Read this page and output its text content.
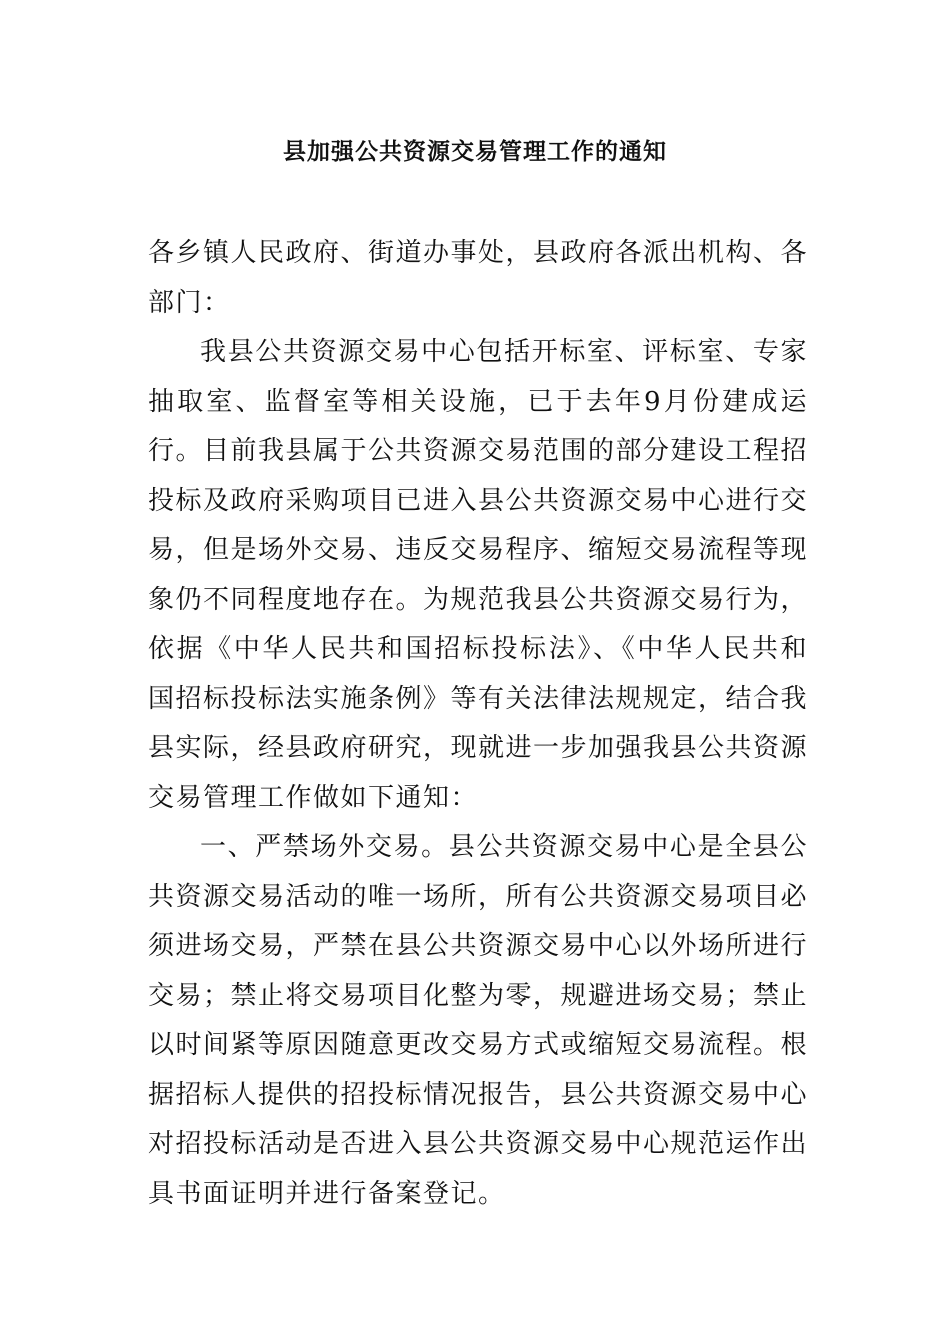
县加强公共资源交易管理工作的通知

各乡镇人民政府、街道办事处，县政府各派出机构、各部门：

我县公共资源交易中心包括开标室、评标室、专家抽取室、监督室等相关设施，已于去年9月份建成运行。目前我县属于公共资源交易范围的部分建设工程招投标及政府采购项目已进入县公共资源交易中心进行交易，但是场外交易、违反交易程序、缩短交易流程等现象仍不同程度地存在。为规范我县公共资源交易行为，依据《中华人民共和国招标投标法》、《中华人民共和国招标投标法实施条例》等有关法律法规规定，结合我县实际，经县政府研究，现就进一步加强我县公共资源交易管理工作做如下通知：

一、严禁场外交易。县公共资源交易中心是全县公共资源交易活动的唯一场所，所有公共资源交易项目必须进场交易，严禁在县公共资源交易中心以外场所进行交易；禁止将交易项目化整为零，规避进场交易；禁止以时间紧等原因随意更改交易方式或缩短交易流程。根据招标人提供的招投标情况报告，县公共资源交易中心对招投标活动是否进入县公共资源交易中心规范运作出具书面证明并进行备案登记。
